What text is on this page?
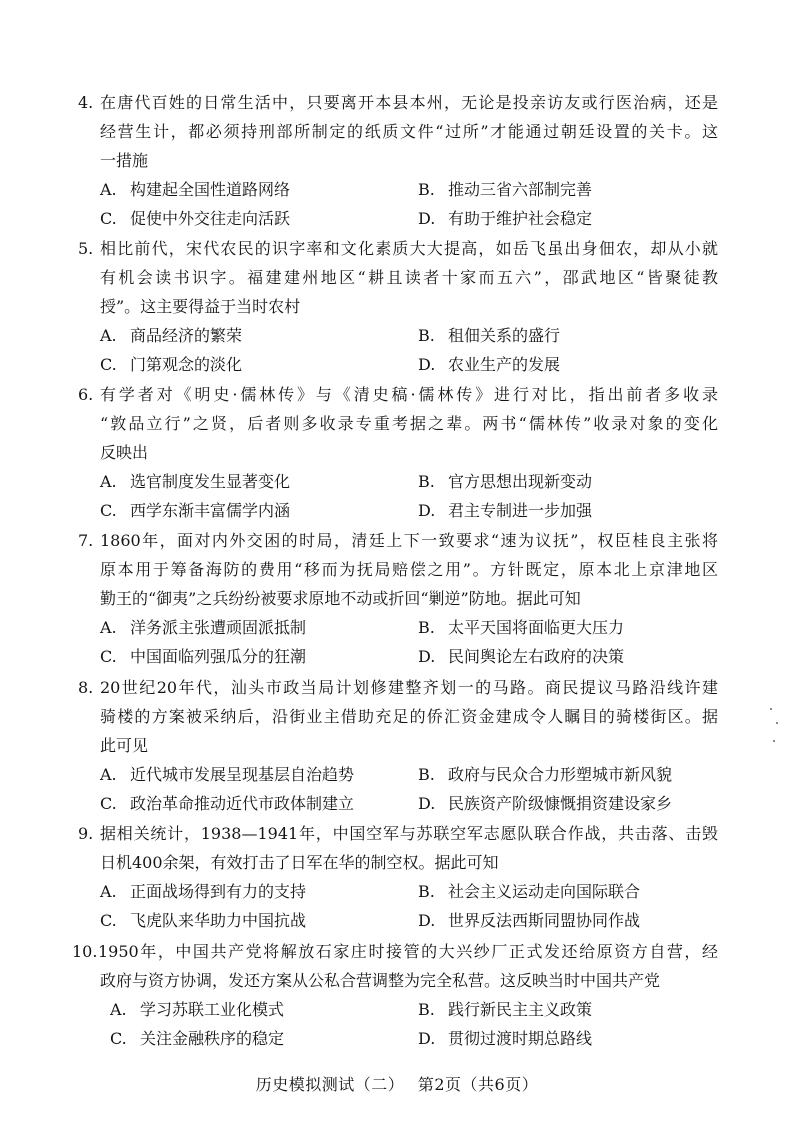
4. 在唐代百姓的日常生活中，只要离开本县本州，无论是投亲访友或行医治病，还是
经营生计，都必须持刑部所制定的纸质文件“过所”才能通过朝廷设置的关卡。这
一措施
A. 构建起全国性道路网络	B. 推动三省六部制完善
C. 促使中外交往走向活跃	D. 有助于维护社会稳定
5. 相比前代，宋代农民的识字率和文化素质大大提高，如岳飞虽出身佃农，却从小就
有机会读书识字。福建建州地区“耕且读者十家而五六”，邵武地区“皆聚徒教
授”。这主要得益于当时农村
A. 商品经济的繁荣	B. 租佃关系的盛行
C. 门第观念的淡化	D. 农业生产的发展
6. 有学者对《明史·儒林传》与《清史稿·儒林传》进行对比，指出前者多收录
“敦品立行”之贤，后者则多收录专重考据之辈。两书“儒林传”收录对象的变化
反映出
A. 选官制度发生显著变化	B. 官方思想出现新变动
C. 西学东渐丰富儒学内涵	D. 君主专制进一步加强
7. 1860年，面对内外交困的时局，清廷上下一致要求“速为议抚”，权臣桂良主张将
原本用于筹备海防的费用“移而为抚局赔偿之用”。方针既定，原本北上京津地区
勤王的“御夷”之兵纷纷被要求原地不动或折回“剿逆”防地。据此可知
A. 洋务派主张遭顽固派抵制	B. 太平天国将面临更大压力
C. 中国面临列强瓜分的狂潮	D. 民间舆论左右政府的决策
8. 20世纪20年代，汕头市政当局计划修建整齐划一的马路。商民提议马路沿线许建
骑楼的方案被采纳后，沿街业主借助充足的侨汇资金建成令人瞩目的骑楼街区。据
此可见
A. 近代城市发展呈现基层自治趋势	B. 政府与民众合力形塑城市新风貌
C. 政治革命推动近代市政体制建立	D. 民族资产阶级慷慨捐资建设家乡
9. 据相关统计，1938—1941年，中国空军与苏联空军志愿队联合作战，共击落、击毁
日机400余架，有效打击了日军在华的制空权。据此可知
A. 正面战场得到有力的支持	B. 社会主义运动走向国际联合
C. 飞虎队来华助力中国抗战	D. 世界反法西斯同盟协同作战
10. 1950年，中国共产党将解放石家庄时接管的大兴纱厂正式发还给原资方自营，经
政府与资方协调，发还方案从公私合营调整为完全私营。这反映当时中国共产党
A. 学习苏联工业化模式	B. 践行新民主主义政策
C. 关注金融秩序的稳定	D. 贯彻过渡时期总路线
历史模拟测试（二） 第2页（共6页）
